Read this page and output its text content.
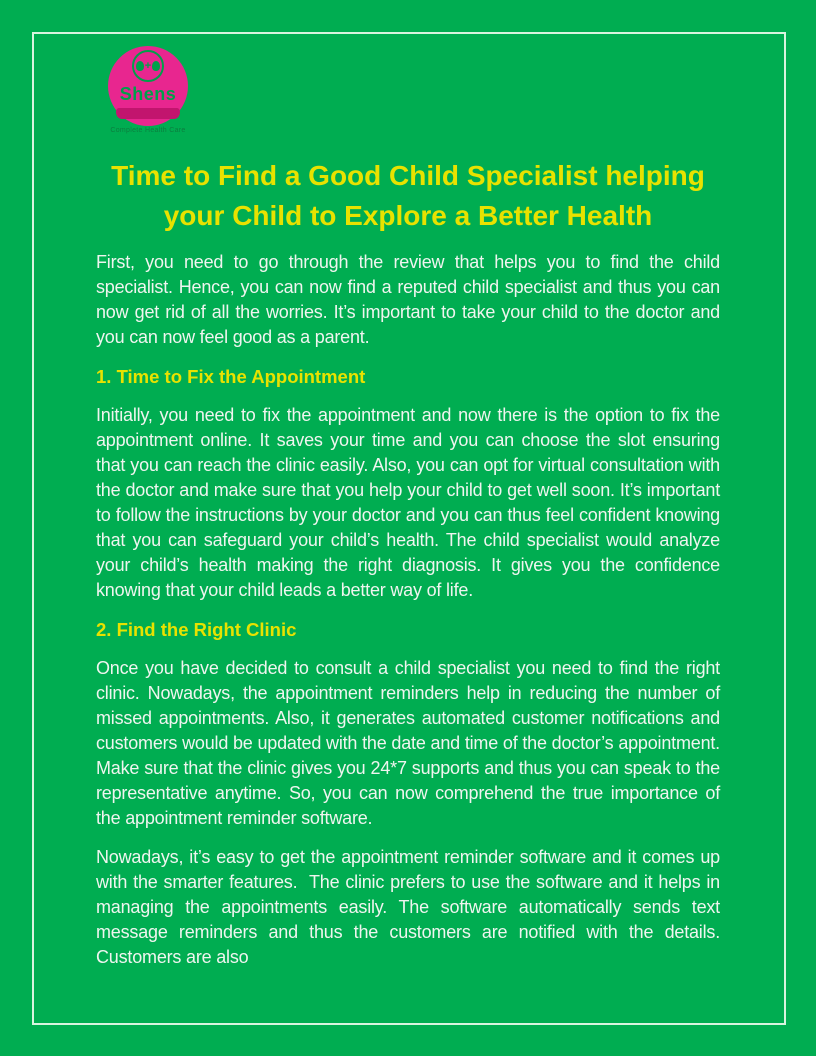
+
Shens
Complete Health Care
Time to Find a Good Child Specialist helping your Child to Explore a Better Health

First, you need to go through the review that helps you to find the child specialist. Hence, you can now find a reputed child specialist and thus you can now get rid of all the worries. It’s important to take your child to the doctor and you can now feel good as a parent.

1. Time to Fix the Appointment

Initially, you need to fix the appointment and now there is the option to fix the appointment online. It saves your time and you can choose the slot ensuring that you can reach the clinic easily. Also, you can opt for virtual consultation with the doctor and make sure that you help your child to get well soon. It’s important to follow the instructions by your doctor and you can thus feel confident knowing that you can safeguard your child’s health. The child specialist would analyze your child’s health making the right diagnosis. It gives you the confidence knowing that your child leads a better way of life.

2. Find the Right Clinic

Once you have decided to consult a child specialist you need to find the right clinic. Nowadays, the appointment reminders help in reducing the number of missed appointments. Also, it generates automated customer notifications and customers would be updated with the date and time of the doctor’s appointment. Make sure that the clinic gives you 24*7 supports and thus you can speak to the representative anytime. So, you can now comprehend the true importance of the appointment reminder software.

Nowadays, it’s easy to get the appointment reminder software and it comes up with the smarter features.  The clinic prefers to use the software and it helps in managing the appointments easily. The software automatically sends text message reminders and thus the customers are notified with the details. Customers are also
